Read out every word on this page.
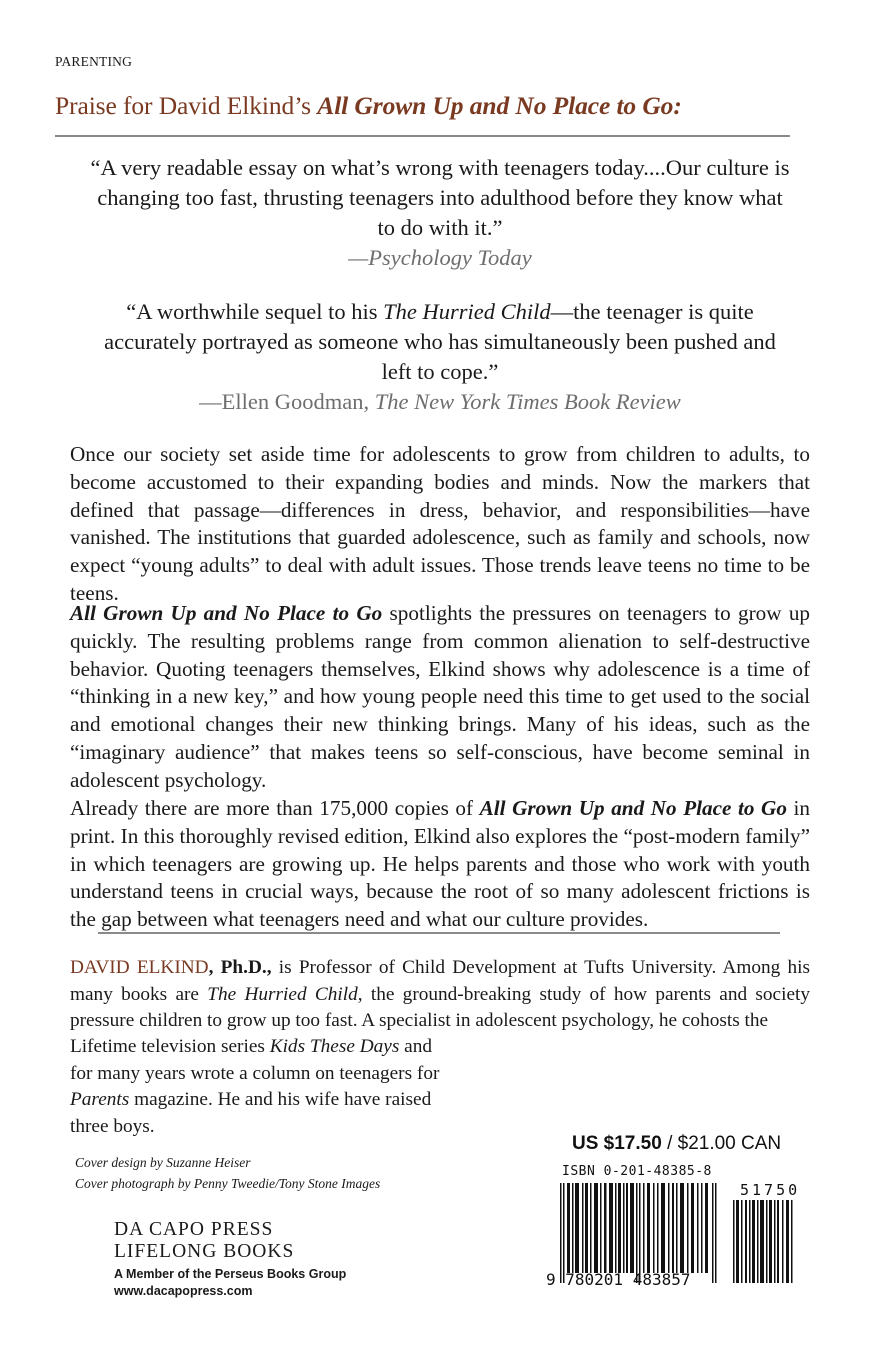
PARENTING
Praise for David Elkind’s All Grown Up and No Place to Go:
“A very readable essay on what’s wrong with teenagers today....Our culture is changing too fast, thrusting teenagers into adulthood before they know what to do with it.”
—Psychology Today
“A worthwhile sequel to his The Hurried Child—the teenager is quite accurately portrayed as someone who has simultaneously been pushed and left to cope.”
—Ellen Goodman, The New York Times Book Review

Once our society set aside time for adolescents to grow from children to adults, to become accustomed to their expanding bodies and minds. Now the markers that defined that passage—differences in dress, behavior, and responsibilities—have vanished. The institutions that guarded adolescence, such as family and schools, now expect “young adults” to deal with adult issues. Those trends leave teens no time to be teens.

All Grown Up and No Place to Go spotlights the pressures on teenagers to grow up quickly. The resulting problems range from common alienation to self-destructive behavior. Quoting teenagers themselves, Elkind shows why adolescence is a time of “thinking in a new key,” and how young people need this time to get used to the social and emotional changes their new thinking brings. Many of his ideas, such as the “imaginary audience” that makes teens so self-conscious, have become seminal in adolescent psychology.

Already there are more than 175,000 copies of All Grown Up and No Place to Go in print. In this thoroughly revised edition, Elkind also explores the “post-modern family” in which teenagers are growing up. He helps parents and those who work with youth understand teens in crucial ways, because the root of so many adolescent frictions is the gap between what teenagers need and what our culture provides.

DAVID ELKIND, Ph.D., is Professor of Child Development at Tufts University. Among his many books are The Hurried Child, the ground-breaking study of how parents and society pressure children to grow up too fast. A specialist in adolescent psychology, he cohosts the

Lifetime television series Kids These Days and for many years wrote a column on teenagers for Parents magazine. He and his wife have raised three boys.

Cover design by Suzanne Heiser
Cover photograph by Penny Tweedie/Tony Stone Images
DA CAPO PRESS
LIFELONG BOOKS
A Member of the Perseus Books Group
www.dacapopress.com
US $17.50 / $21.00 CAN
ISBN 0-201-48385-8
51750
9 780201 483857
